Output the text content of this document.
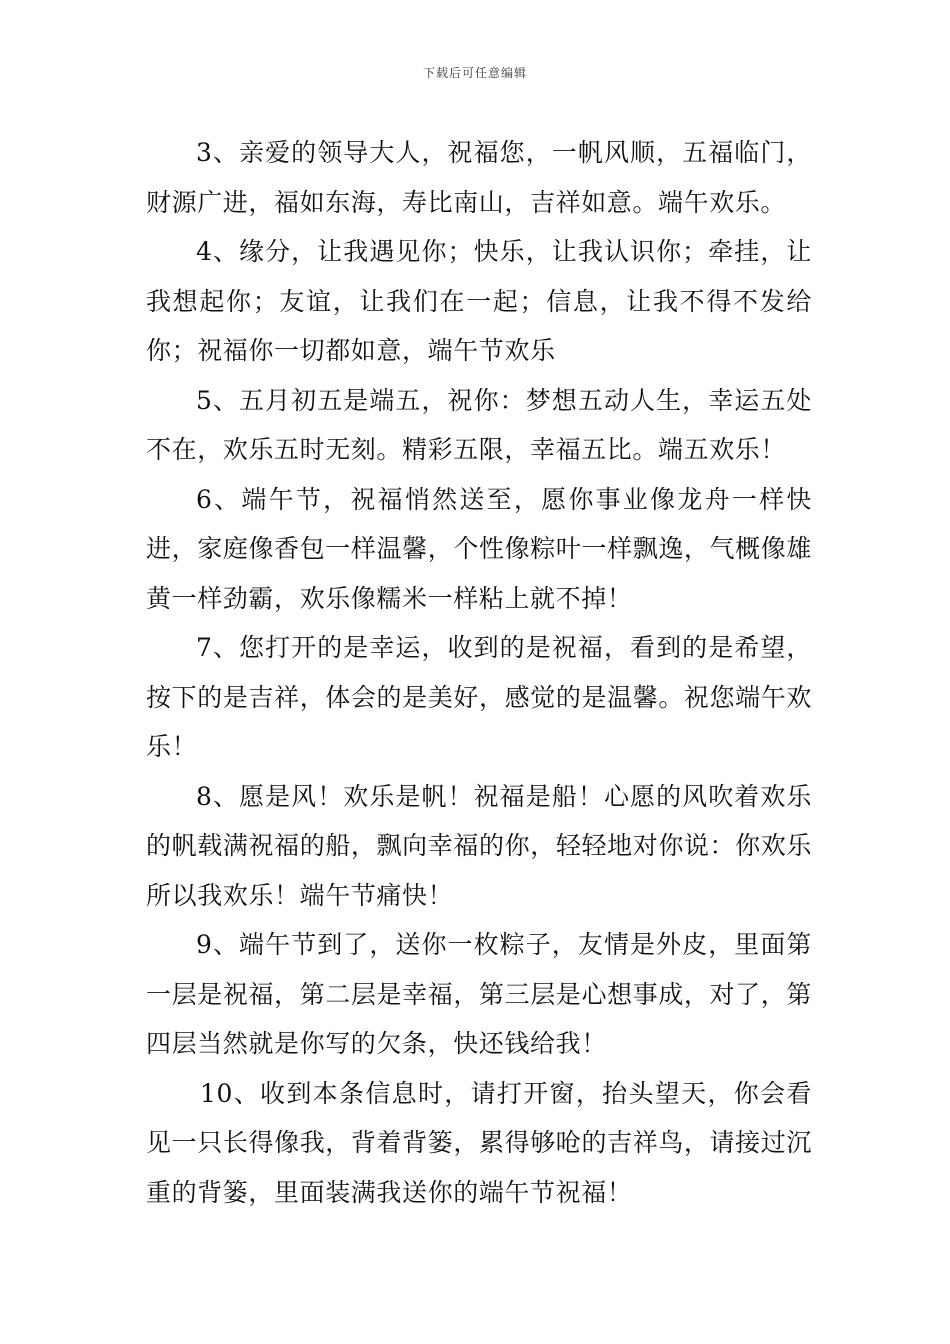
下载后可任意编辑

3、亲爱的领导大人，祝福您，一帆风顺，五福临门，财源广进，福如东海，寿比南山，吉祥如意。端午欢乐。

4、缘分，让我遇见你；快乐，让我认识你；牵挂，让我想起你；友谊，让我们在一起；信息，让我不得不发给你；祝福你一切都如意，端午节欢乐

5、五月初五是端五，祝你：梦想五动人生，幸运五处不在，欢乐五时无刻。精彩五限，幸福五比。端五欢乐！

6、端午节，祝福悄然送至，愿你事业像龙舟一样快进，家庭像香包一样温馨，个性像粽叶一样飘逸，气概像雄黄一样劲霸，欢乐像糯米一样粘上就不掉！

7、您打开的是幸运，收到的是祝福，看到的是希望，按下的是吉祥，体会的是美好，感觉的是温馨。祝您端午欢乐！

8、愿是风！欢乐是帆！祝福是船！心愿的风吹着欢乐的帆载满祝福的船，飘向幸福的你，轻轻地对你说：你欢乐所以我欢乐！端午节痛快！

9、端午节到了，送你一枚粽子，友情是外皮，里面第一层是祝福，第二层是幸福，第三层是心想事成，对了，第四层当然就是你写的欠条，快还钱给我！

10、收到本条信息时，请打开窗，抬头望天，你会看见一只长得像我，背着背篓，累得够呛的吉祥鸟，请接过沉重的背篓，里面装满我送你的端午节祝福！
